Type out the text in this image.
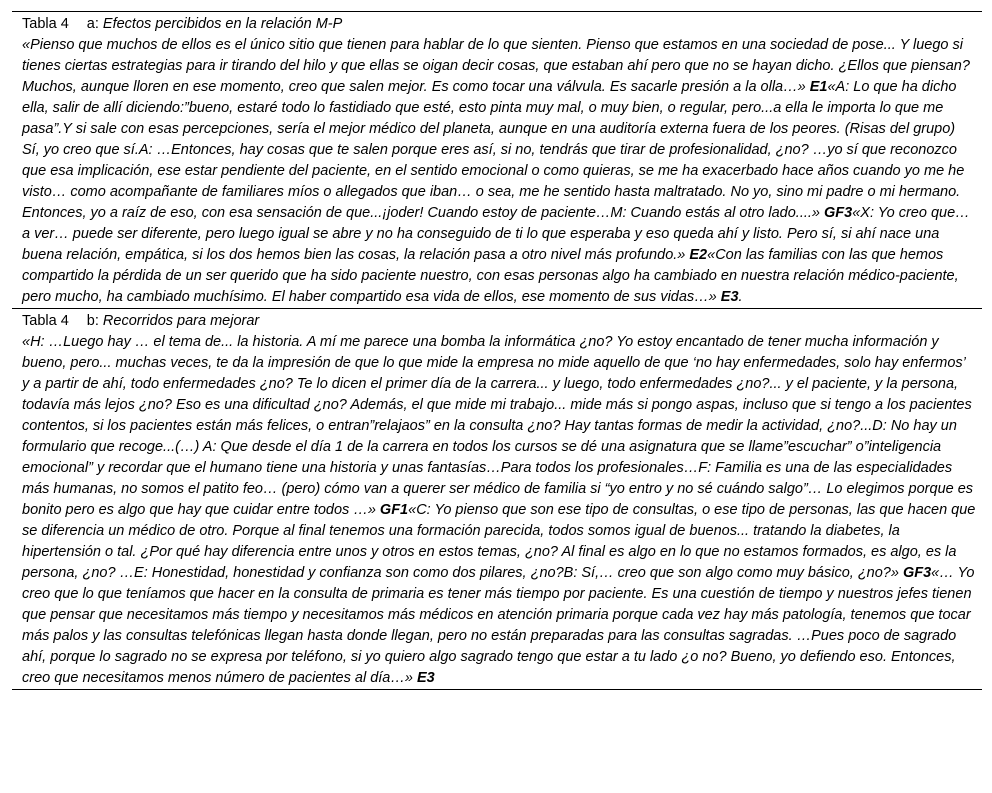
Tabla 4 a: Efectos percibidos en la relación M-P

«Pienso que muchos de ellos es el único sitio que tienen para hablar de lo que sienten. Pienso que estamos en una sociedad de pose... Y luego si tienes ciertas estrategias para ir tirando del hilo y que ellas se oigan decir cosas, que estaban ahí pero que no se hayan dicho. ¿Ellos que piensan? Muchos, aunque lloren en ese momento, creo que salen mejor. Es como tocar una válvula. Es sacarle presión a la olla…» E1«A: Lo que ha dicho ella, salir de allí diciendo:”bueno, estaré todo lo fastidiado que esté, esto pinta muy mal, o muy bien, o regular, pero...a ella le importa lo que me pasa”.Y si sale con esas percepciones, sería el mejor médico del planeta, aunque en una auditoría externa fuera de los peores. (Risas del grupo) Sí, yo creo que sí.A: …Entonces, hay cosas que te salen porque eres así, si no, tendrás que tirar de profesionalidad, ¿no? …yo sí que reconozco que esa implicación, ese estar pendiente del paciente, en el sentido emocional o como quieras, se me ha exacerbado hace años cuando yo me he visto… como acompañante de familiares míos o allegados que iban… o sea, me he sentido hasta maltratado. No yo, sino mi padre o mi hermano. Entonces, yo a raíz de eso, con esa sensación de que...¡joder! Cuando estoy de paciente…M: Cuando estás al otro lado....» GF3«X: Yo creo que… a ver… puede ser diferente, pero luego igual se abre y no ha conseguido de ti lo que esperaba y eso queda ahí y listo. Pero sí, si ahí nace una buena relación, empática, si los dos hemos bien las cosas, la relación pasa a otro nivel más profundo.» E2«Con las familias con las que hemos compartido la pérdida de un ser querido que ha sido paciente nuestro, con esas personas algo ha cambiado en nuestra relación médico-paciente, pero mucho, ha cambiado muchísimo. El haber compartido esa vida de ellos, ese momento de sus vidas…» E3.

Tabla 4 b: Recorridos para mejorar

«H: …Luego hay … el tema de... la historia. A mí me parece una bomba la informática ¿no? Yo estoy encantado de tener mucha información y bueno, pero... muchas veces, te da la impresión de que lo que mide la empresa no mide aquello de que ‘no hay enfermedades, solo hay enfermos’ y a partir de ahí, todo enfermedades ¿no? Te lo dicen el primer día de la carrera... y luego, todo enfermedades ¿no?... y el paciente, y la persona, todavía más lejos ¿no? Eso es una dificultad ¿no? Además, el que mide mi trabajo... mide más si pongo aspas, incluso que si tengo a los pacientes contentos, si los pacientes están más felices, o entran”relajaos” en la consulta ¿no? Hay tantas formas de medir la actividad, ¿no?...D: No hay un formulario que recoge...(…) A: Que desde el día 1 de la carrera en todos los cursos se dé una asignatura que se llame”escuchar” o”inteligencia emocional” y recordar que el humano tiene una historia y unas fantasías…Para todos los profesionales…F: Familia es una de las especialidades más humanas, no somos el patito feo… (pero) cómo van a querer ser médico de familia si “yo entro y no sé cuándo salgo”… Lo elegimos porque es bonito pero es algo que hay que cuidar entre todos …» GF1«C: Yo pienso que son ese tipo de consultas, o ese tipo de personas, las que hacen que se diferencia un médico de otro. Porque al final tenemos una formación parecida, todos somos igual de buenos... tratando la diabetes, la hipertensión o tal. ¿Por qué hay diferencia entre unos y otros en estos temas, ¿no? Al final es algo en lo que no estamos formados, es algo, es la persona, ¿no? …E: Honestidad, honestidad y confianza son como dos pilares, ¿no?B: Sí,… creo que son algo como muy básico, ¿no?» GF3«… Yo creo que lo que teníamos que hacer en la consulta de primaria es tener más tiempo por paciente. Es una cuestión de tiempo y nuestros jefes tienen que pensar que necesitamos más tiempo y necesitamos más médicos en atención primaria porque cada vez hay más patología, tenemos que tocar más palos y las consultas telefónicas llegan hasta donde llegan, pero no están preparadas para las consultas sagradas. …Pues poco de sagrado ahí, porque lo sagrado no se expresa por teléfono, si yo quiero algo sagrado tengo que estar a tu lado ¿o no? Bueno, yo defiendo eso. Entonces, creo que necesitamos menos número de pacientes al día…» E3
